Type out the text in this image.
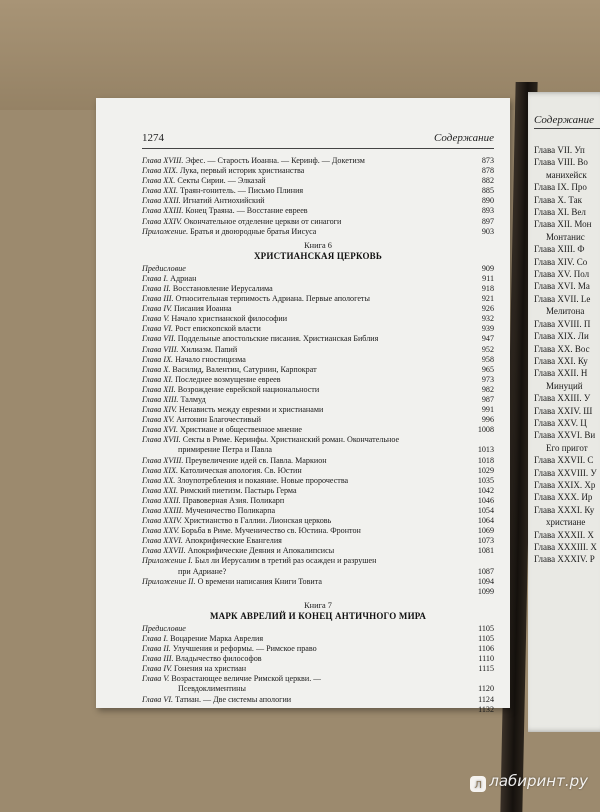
1274	Содержание
Глава XVIII. Эфес. — Старость Иоанна. — Керинф. — Докетизм	873
Глава XIX. Лука, первый историк христианства	878
Глава XX. Секты Сирии. — Элказай	882
Глава XXI. Траян-гонитель. — Письмо Плиния	885
Глава XXII. Игнатий Антиохийский	890
Глава XXIII. Конец Траяна. — Восстание евреев	893
Глава XXIV. Окончательное отделение церкви от синагоги	897
Приложение. Братья и двоюродные братья Иисуса	903
Книга 6
ХРИСТИАНСКАЯ ЦЕРКОВЬ
Предисловие	909
Глава I. Адриан	911
Глава II. Восстановление Иерусалима	918
Глава III. Относительная терпимость Адриана. Первые апологеты	921
Глава IV. Писания Иоанна	926
Глава V. Начало христианской философии	932
Глава VI. Рост епископской власти	939
Глава VII. Поддельные апостольские писания. Христианская Библия	947
Глава VIII. Хилиазм. Папий	952
Глава IX. Начало гностицизма	958
Глава X. Василид, Валентин, Сатурнин, Карпократ	965
Глава XI. Последнее возмущение евреев	973
Глава XII. Возрождение еврейской национальности	982
Глава XIII. Талмуд	987
Глава XIV. Ненависть между евреями и христианами	991
Глава XV. Антонин Благочестивый	996
Глава XVI. Христиане и общественное мнение	1008
Глава XVII. Секты в Риме. Керинфы. Христианский роман. Окончательное
примирение Петра и Павла	1013
Глава XVIII. Преувеличение идей св. Павла. Маркион	1018
Глава XIX. Католическая апология. Св. Юстин	1029
Глава XX. Злоупотребления и покаяние. Новые пророчества	1035
Глава XXI. Римский пиетизм. Пастырь Герма	1042
Глава XXII. Правоверная Азия. Поликарп	1046
Глава XXIII. Мученичество Поликарпа	1054
Глава XXIV. Христианство в Галлии. Лионская церковь	1064
Глава XXV. Борьба в Риме. Мученичество св. Юстина. Фронтон	1069
Глава XXVI. Апокрифические Евангелия	1073
Глава XXVII. Апокрифические Деяния и Апокалипсисы	1081
Приложение I. Был ли Иерусалим в третий раз осажден и разрушен
при Адриане?	1087
Приложение II. О времени написания Книги Товита	1094
1099
Книга 7
МАРК АВРЕЛИЙ И КОНЕЦ АНТИЧНОГО МИРА
Предисловие	1105
Глава I. Воцарение Марка Аврелия	1105
Глава II. Улучшения и реформы. — Римское право	1106
Глава III. Владычество философов	1110
Глава IV. Гонения на христиан	1115
Глава V. Возрастающее величие Римской церкви. —
Псевдоклиментины	1120
Глава VI. Татиан. — Две системы апологии	1124
1132
Содержание
Глава VII. Уп
Глава VIII. Во
манихейск
Глава IX. Про
Глава X. Так
Глава XI. Вел
Глава XII. Мон
Монтанис
Глава XIII. Ф
Глава XIV. Со
Глава XV. Пол
Глава XVI. Ма
Глава XVII. Le
Мелитона
Глава XVIII. П
Глава XIX. Ли
Глава XX. Вос
Глава XXI. Ку
Глава XXII. Н
Минуций
Глава XXIII. У
Глава XXIV. Ш
Глава XXV. Ц
Глава XXVI. Ви
Его пригот
Глава XXVII. С
Глава XXVIII. У
Глава XXIX. Хр
Глава XXX. Ир
Глава XXXI. Ку
христиане
Глава XXXII. Х
Глава XXXIII. Х
Глава XXXIV. Р
л лабиринт.ру
